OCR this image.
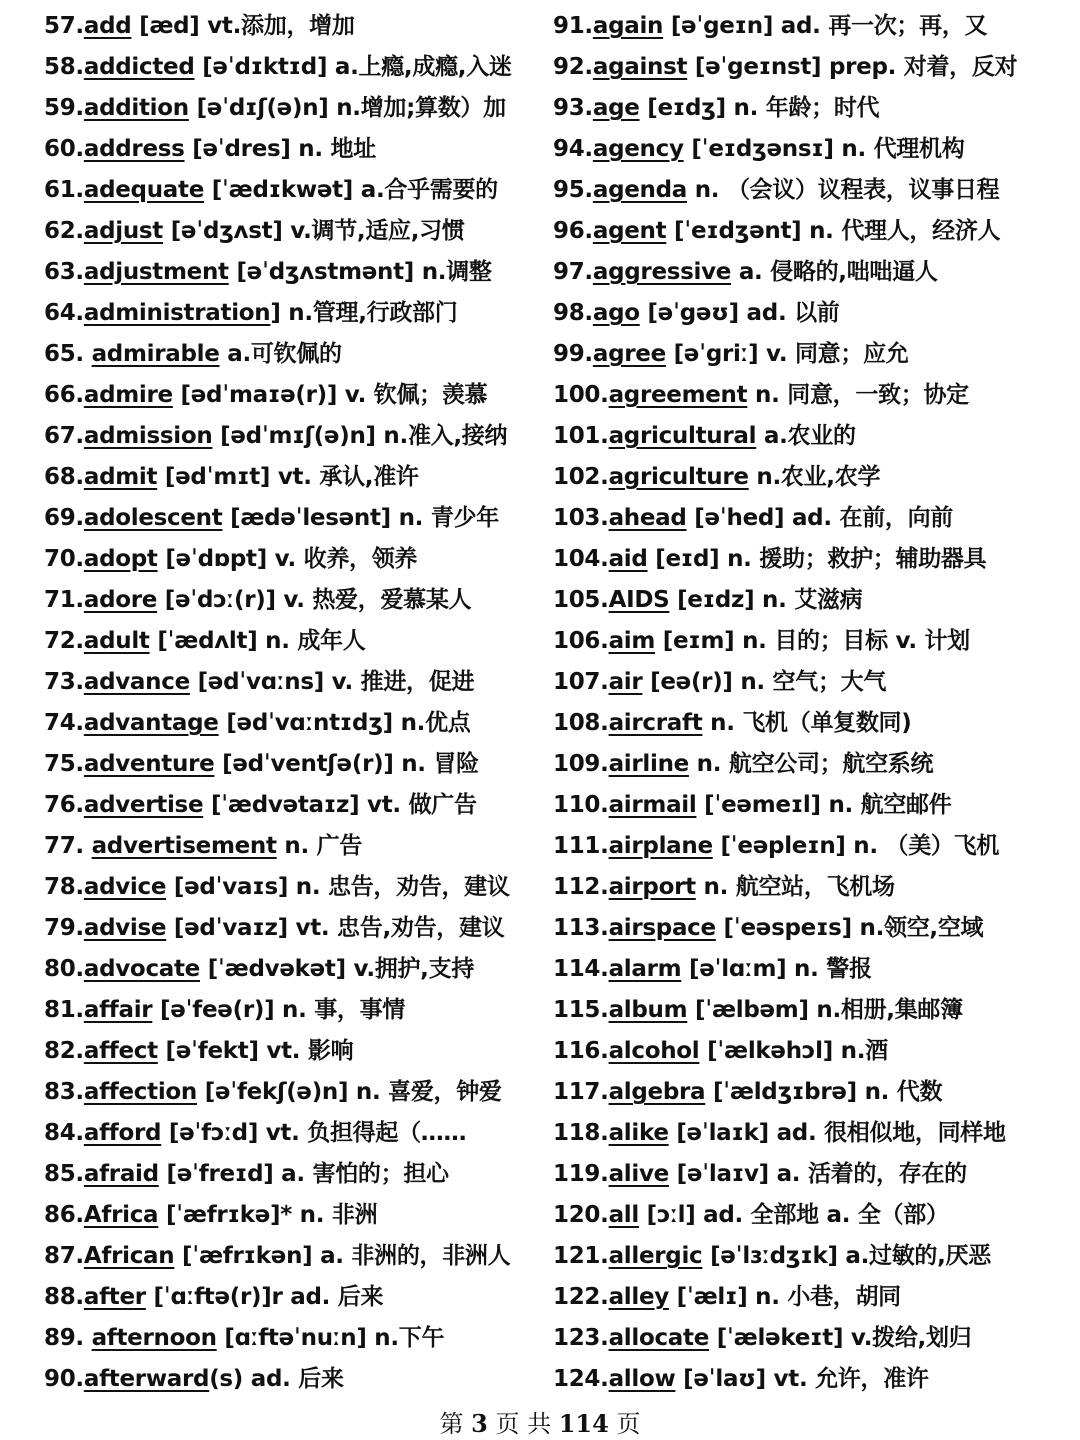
57.add [æd] vt.添加，增加
58.addicted [əˈdɪktɪd] a.上瘾,成瘾,入迷
59.addition [əˈdɪʃ(ə)n] n.增加;算数）加
60.address [əˈdres] n. 地址
61.adequate [ˈædɪkwət] a.合乎需要的
62.adjust [əˈdʒʌst] v.调节,适应,习惯
63.adjustment [əˈdʒʌstmənt] n.调整
64.administration] n.管理,行政部门
65. admirable a.可钦佩的
66.admire [ədˈmaɪə(r)] v. 钦佩；羡慕
67.admission [ədˈmɪʃ(ə)n] n.准入,接纳
68.admit [ədˈmɪt] vt. 承认,准许
69.adolescent [ædəˈlesənt] n. 青少年
70.adopt [əˈdɒpt] v. 收养，领养
71.adore [əˈdɔː(r)] v. 热爱，爱慕某人
72.adult [ˈædʌlt] n. 成年人
73.advance [ədˈvɑːns] v. 推进，促进
74.advantage [ədˈvɑːntɪdʒ] n.优点
75.adventure [ədˈventʃə(r)] n. 冒险
76.advertise [ˈædvətaɪz] vt. 做广告
77. advertisement n. 广告
78.advice [ədˈvaɪs] n. 忠告，劝告，建议
79.advise [ədˈvaɪz] vt. 忠告,劝告，建议
80.advocate [ˈædvəkət] v.拥护,支持
81.affair [əˈfeə(r)] n. 事，事情
82.affect [əˈfekt] vt. 影响
83.affection [əˈfekʃ(ə)n] n. 喜爱，钟爱
84.afford [əˈfɔːd] vt. 负担得起（……
85.afraid [əˈfreɪd] a. 害怕的；担心
86.Africa [ˈæfrɪkə]* n. 非洲
87.African [ˈæfrɪkən] a. 非洲的，非洲人
88.after [ˈɑːftə(r)]r ad. 后来
89. afternoon [ɑːftəˈnuːn] n.下午
90.afterward(s) ad. 后来
91.again [əˈgeɪn] ad. 再一次；再，又
92.against [əˈgeɪnst] prep. 对着，反对
93.age [eɪdʒ] n. 年龄；时代
94.agency [ˈeɪdʒənsɪ] n. 代理机构
95.agenda n. （会议）议程表，议事日程
96.agent [ˈeɪdʒənt] n. 代理人，经济人
97.aggressive a. 侵略的,咄咄逼人
98.ago [əˈgəʊ] ad. 以前
99.agree [əˈgriː] v. 同意；应允
100.agreement n. 同意，一致；协定
101.agricultural a.农业的
102.agriculture n.农业,农学
103.ahead [əˈhed] ad. 在前，向前
104.aid [eɪd] n. 援助；救护；辅助器具
105.AIDS [eɪdz] n. 艾滋病
106.aim [eɪm] n. 目的；目标 v. 计划
107.air [eə(r)] n. 空气；大气
108.aircraft n. 飞机（单复数同)
109.airline n. 航空公司；航空系统
110.airmail [ˈeəmeɪl] n. 航空邮件
111.airplane [ˈeəpleɪn] n. （美）飞机
112.airport n. 航空站，飞机场
113.airspace [ˈeəspeɪs] n.领空,空域
114.alarm [əˈlɑːm] n. 警报
115.album [ˈælbəm] n.相册,集邮簿
116.alcohol [ˈælkəhɔl] n.酒
117.algebra [ˈældʒɪbrə] n. 代数
118.alike [əˈlaɪk] ad. 很相似地，同样地
119.alive [əˈlaɪv] a. 活着的，存在的
120.all [ɔːl] ad. 全部地 a. 全（部）
121.allergic [əˈlɜːdʒɪk] a.过敏的,厌恶
122.alley [ˈælɪ] n. 小巷，胡同
123.allocate [ˈæləkeɪt] v.拨给,划归
124.allow [əˈlaʊ] vt. 允许，准许
第 3 页 共 114 页
